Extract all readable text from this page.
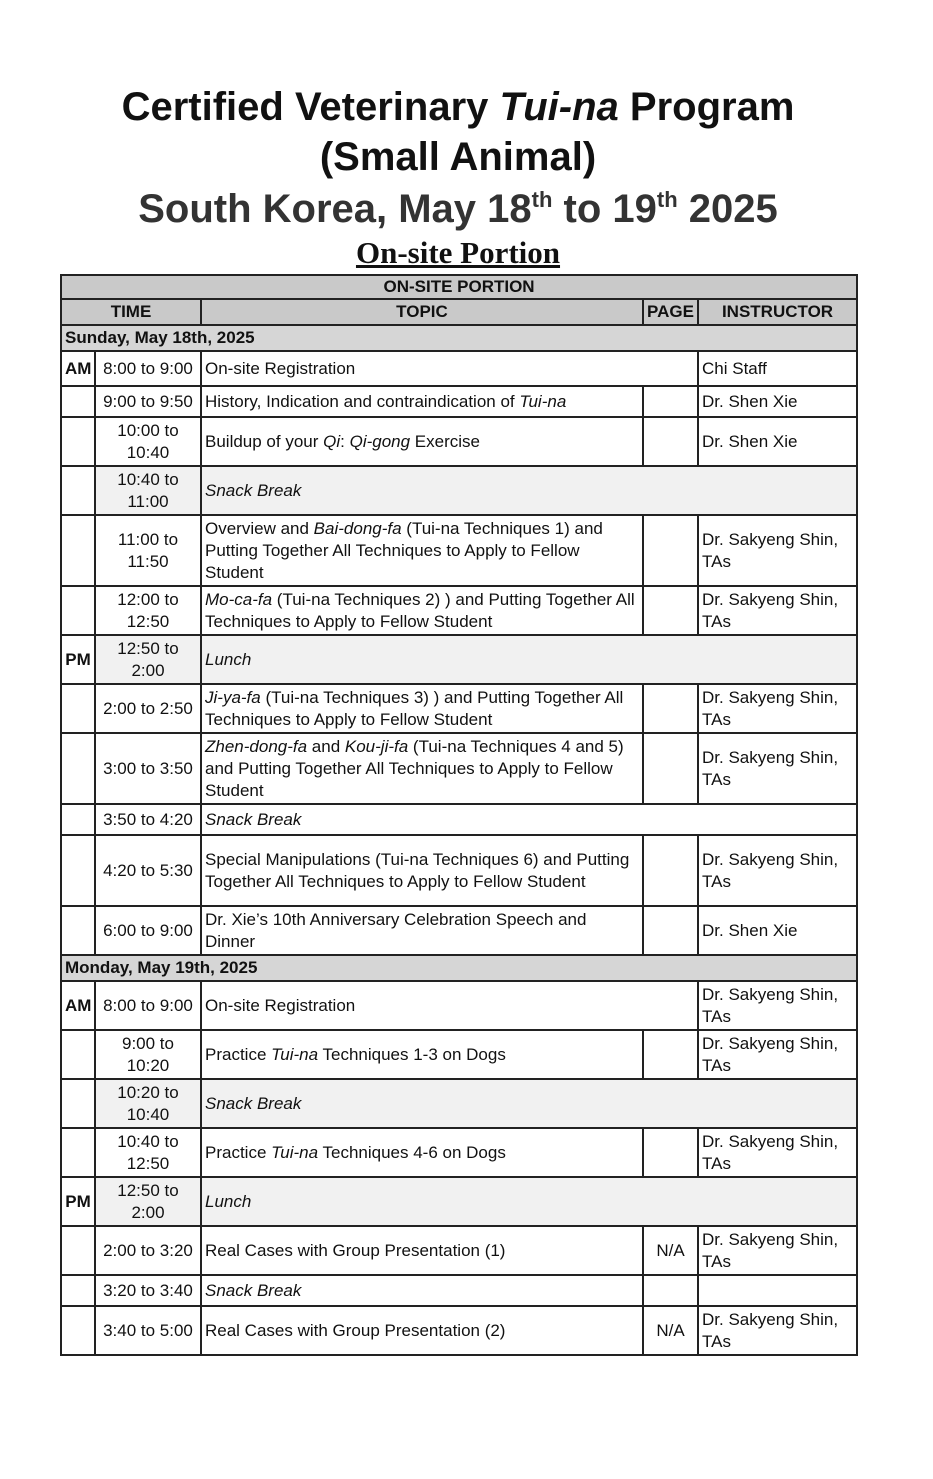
Certified Veterinary Tui-na Program
(Small Animal)
South Korea, May 18th to 19th 2025
On-site Portion
ON-SITE PORTION				
TIME		TOPIC	PAGE	INSTRUCTOR
Sunday, May 18th, 2025				
AM	8:00 to 9:00	On-site Registration		Chi Staff
	9:00 to 9:50	History, Indication and contraindication of Tui-na		Dr. Shen Xie
	10:00 to 10:40	Buildup of your Qi: Qi-gong Exercise		Dr. Shen Xie
	10:40 to 11:00	Snack Break		
	11:00 to 11:50	Overview and Bai-dong-fa (Tui-na Techniques 1) and Putting Together All Techniques to Apply to Fellow Student		Dr. Sakyeng Shin, TAs
	12:00 to 12:50	Mo-ca-fa (Tui-na Techniques 2) ) and Putting Together All Techniques to Apply to Fellow Student		Dr. Sakyeng Shin, TAs
PM	12:50 to 2:00	Lunch		
	2:00 to 2:50	Ji-ya-fa (Tui-na Techniques 3) ) and Putting Together All Techniques to Apply to Fellow Student		Dr. Sakyeng Shin, TAs
	3:00 to 3:50	Zhen-dong-fa and Kou-ji-fa (Tui-na Techniques 4 and 5) and Putting Together All Techniques to Apply to Fellow Student		Dr. Sakyeng Shin, TAs
	3:50 to 4:20	Snack Break		
	4:20 to 5:30	Special Manipulations (Tui-na Techniques 6) and Putting Together All Techniques to Apply to Fellow Student		Dr. Sakyeng Shin, TAs
	6:00 to 9:00	Dr. Xie’s 10th Anniversary Celebration Speech and Dinner		Dr. Shen Xie
Monday, May 19th, 2025				
AM	8:00 to 9:00	On-site Registration		Dr. Sakyeng Shin, TAs
	9:00 to 10:20	Practice Tui-na Techniques 1-3 on Dogs		Dr. Sakyeng Shin, TAs
	10:20 to 10:40	Snack Break		
	10:40 to 12:50	Practice Tui-na Techniques 4-6 on Dogs		Dr. Sakyeng Shin, TAs
PM	12:50 to 2:00	Lunch		
	2:00 to 3:20	Real Cases with Group Presentation (1)	N/A	Dr. Sakyeng Shin, TAs
	3:20 to 3:40	Snack Break		
	3:40 to 5:00	Real Cases with Group Presentation (2)	N/A	Dr. Sakyeng Shin, TAs
